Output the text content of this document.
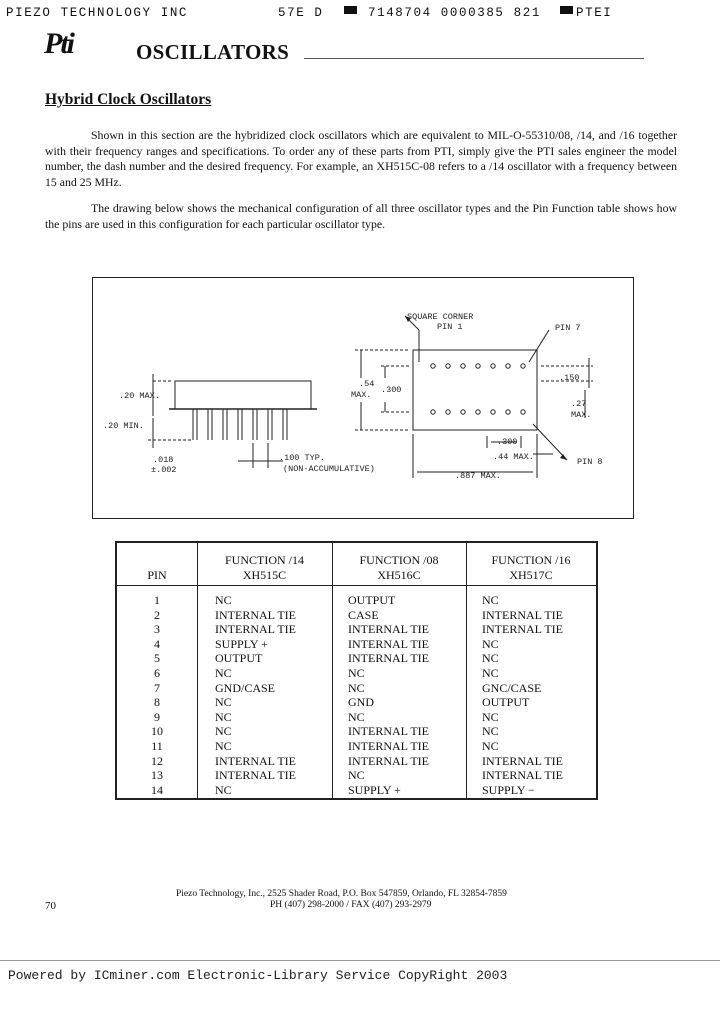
PIEZO TECHNOLOGY INC	57E D	7148704 0000385 821	PTEI
Pti	OSCILLATORS
Hybrid Clock Oscillators
Shown in this section are the hybridized clock oscillators which are equivalent to MIL-O-55310/08, /14, and /16 together with their frequency ranges and specifications. To order any of these parts from PTI, simply give the PTI sales engineer the model number, the dash number and the desired frequency. For example, an XH515C-08 refers to a /14 oscillator with a frequency between 15 and 25 MHz.
The drawing below shows the mechanical configuration of all three oscillator types and the Pin Function table shows how the pins are used in this configuration for each particular oscillator type.
SQUARE CORNER
PIN 1	PIN 7
PIN 8
.20 MAX.
.20 MIN.
.018
±.002
.100 TYP.
(NON-ACCUMULATIVE)
.54
MAX. .300
.150
.27
MAX.
.300
.44 MAX.
.887 MAX.
PIN
FUNCTION /14
XH515C
FUNCTION /08
XH516C
FUNCTION /16
XH517C
1	NC	OUTPUT	NC
2	INTERNAL TIE	CASE	INTERNAL TIE
3	INTERNAL TIE	INTERNAL TIE	INTERNAL TIE
4	SUPPLY +	INTERNAL TIE	NC
5	OUTPUT	INTERNAL TIE	NC
6	NC	NC	NC
7	GND/CASE	NC	GNC/CASE
8	NC	GND	OUTPUT
9	NC	NC	NC
10	NC	INTERNAL TIE	NC
11	NC	INTERNAL TIE	NC
12	INTERNAL TIE	INTERNAL TIE	INTERNAL TIE
13	INTERNAL TIE	NC	INTERNAL TIE
14	NC	SUPPLY +	SUPPLY −
Piezo Technology, Inc., 2525 Shader Road, P.O. Box 547859, Orlando, FL 32854-7859
PH (407) 298-2000 / FAX (407) 293-2979
70
Powered by ICminer.com Electronic-Library Service CopyRight 2003
